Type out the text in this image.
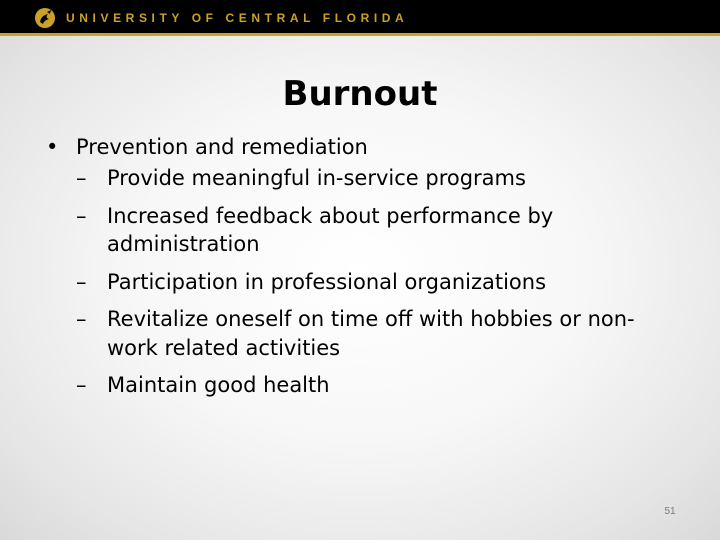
UNIVERSITY OF CENTRAL FLORIDA
Burnout
• Prevention and remediation
– Provide meaningful in-service programs
– Increased feedback about performance by administration
– Participation in professional organizations
– Revitalize oneself on time off with hobbies or non-work related activities
– Maintain good health
51
